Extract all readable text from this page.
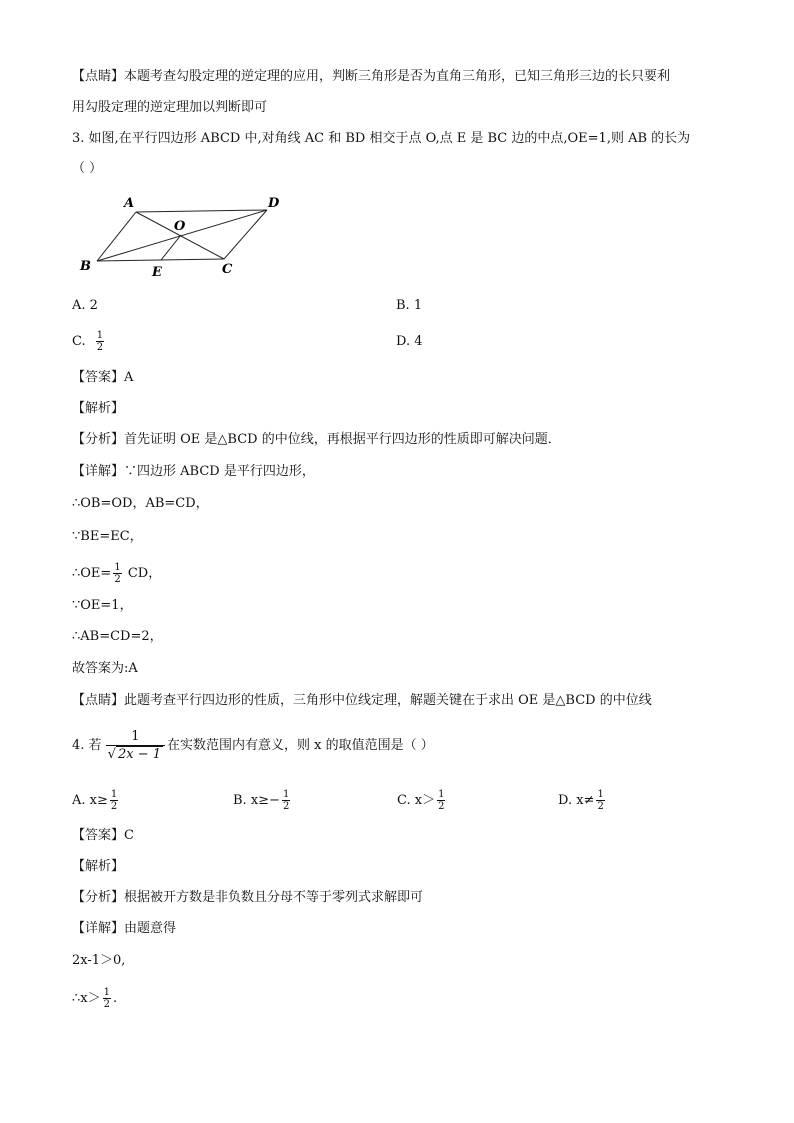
【点睛】本题考查勾股定理的逆定理的应用，判断三角形是否为直角三角形，已知三角形三边的长只要利
用勾股定理的逆定理加以判断即可
3. 如图,在平行四边形 ABCD 中,对角线 AC 和 BD 相交于点 O,点 E 是 BC 边的中点,OE=1,则 AB 的长为
（ ）
A	D
O
B	E	C
A. 2	B. 1
C. $\frac{1}{2}$	D. 4
【答案】A
【解析】
【分析】首先证明 OE 是△BCD 的中位线，再根据平行四边形的性质即可解决问题．
【详解】∵四边形 ABCD 是平行四边形，
∴OB=OD，AB=CD，
∵BE=EC，
∴OE= $\frac{1}{2}$ CD，
∵OE=1，
∴AB=CD=2，
故答案为:A
【点睛】此题考查平行四边形的性质，三角形中位线定理，解题关键在于求出 OE 是△BCD 的中位线
4. 若 $\frac{1}{√ 2x - 1}$ 在实数范围内有意义，则 x 的取值范围是（ ）
A. $x\ge \frac{1}{2}$	B. $x\ge- \frac{1}{2}$	C. $x> \frac{1}{2}$	D. $x\ne \frac{1}{2}$
【答案】C
【解析】
【分析】根据被开方数是非负数且分母不等于零列式求解即可
【详解】由题意得
2x-1＞0,
∴x＞ $\frac{1}{2}$ .
